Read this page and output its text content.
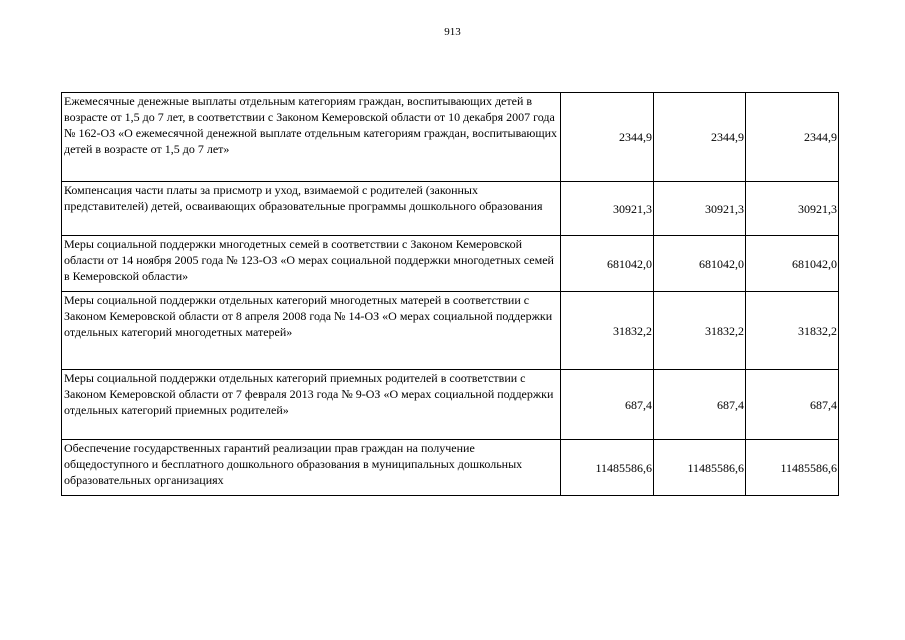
913
Ежемесячные денежные выплаты отдельным категориям граждан, воспитывающих детей в возрасте от 1,5 до 7 лет, в соответствии с Законом Кемеровской области от 10 декабря 2007 года № 162-ОЗ «О ежемесячной денежной выплате отдельным категориям граждан, воспитывающих детей в возрасте от 1,5 до 7 лет»	2344,9	2344,9	2344,9
Компенсация части платы за присмотр и уход, взимаемой с родителей (законных представителей) детей, осваивающих образовательные программы дошкольного образования	30921,3	30921,3	30921,3
Меры социальной поддержки многодетных семей в соответствии с Законом Кемеровской области от 14 ноября 2005 года № 123-ОЗ «О мерах социальной поддержки многодетных семей в Кемеровской области»	681042,0	681042,0	681042,0
Меры социальной поддержки отдельных категорий многодетных матерей в соответствии с Законом Кемеровской области от 8 апреля 2008 года № 14-ОЗ «О мерах социальной поддержки отдельных категорий многодетных матерей»	31832,2	31832,2	31832,2
Меры социальной поддержки отдельных категорий приемных родителей в соответствии с Законом Кемеровской области от 7 февраля 2013 года № 9-ОЗ «О мерах социальной поддержки отдельных категорий приемных родителей»	687,4	687,4	687,4
Обеспечение государственных гарантий реализации прав граждан на получение общедоступного и бесплатного дошкольного образования в муниципальных дошкольных образовательных организациях	11485586,6	11485586,6	11485586,6
